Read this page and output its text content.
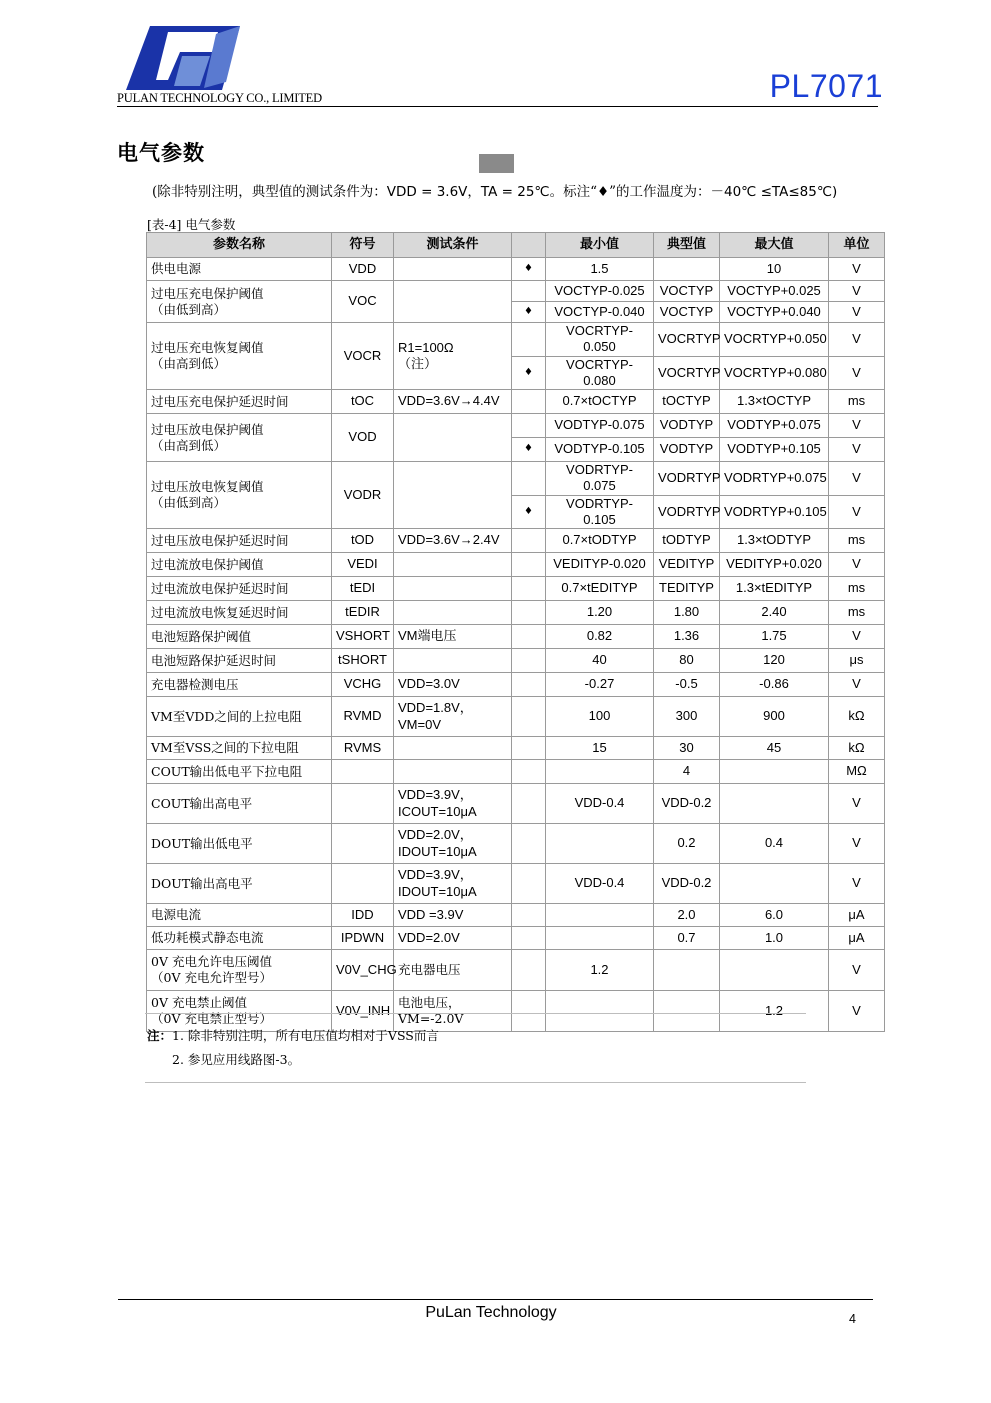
PULAN TECHNOLOGY CO., LIMITED	PL7071
电气参数
(除非特别注明，典型值的测试条件为：VDD = 3.6V，TA = 25℃。标注“♦”的工作温度为：－40℃ ≤TA≤85℃)
[表-4] 电气参数
参数名称	符号	测试条件		最小值	典型值	最大值	单位
供电电源	VDD		♦	1.5		10	V
过电压充电保护阈值
（由低到高）	VOC			VOCTYP-0.025	VOCTYP	VOCTYP+0.025	V
			♦	VOCTYP-0.040	VOCTYP	VOCTYP+0.040	V
过电压充电恢复阈值
（由高到低）	VOCR	R1=100Ω
（注）		VOCRTYP-0.050	VOCRTYP	VOCRTYP+0.050	V
			♦	VOCRTYP-0.080	VOCRTYP	VOCRTYP+0.080	V
过电压充电保护延迟时间	tOC	VDD=3.6V→4.4V		0.7×tOCTYP	tOCTYP	1.3×tOCTYP	ms
过电压放电保护阈值
（由高到低）	VOD			VODTYP-0.075	VODTYP	VODTYP+0.075	V
			♦	VODTYP-0.105	VODTYP	VODTYP+0.105	V
过电压放电恢复阈值
（由低到高）	VODR			VODRTYP-0.075	VODRTYP	VODRTYP+0.075	V
			♦	VODRTYP-0.105	VODRTYP	VODRTYP+0.105	V
过电压放电保护延迟时间	tOD	VDD=3.6V→2.4V		0.7×tODTYP	tODTYP	1.3×tODTYP	ms
过电流放电保护阈值	VEDI			VEDITYP-0.020	VEDITYP	VEDITYP+0.020	V
过电流放电保护延迟时间	tEDI			0.7×tEDITYP	TEDITYP	1.3×tEDITYP	ms
过电流放电恢复延迟时间	tEDIR			1.20	1.80	2.40	ms
电池短路保护阈值	VSHORT	VM端电压		0.82	1.36	1.75	V
电池短路保护延迟时间	tSHORT			40	80	120	μs
充电器检测电压	VCHG	VDD=3.0V		-0.27	-0.5	-0.86	V
VM至VDD之间的上拉电阻	RVMD	VDD=1.8V，
VM=0V		100	300	900	kΩ
VM至VSS之间的下拉电阻	RVMS			15	30	45	kΩ
COUT输出低电平下拉电阻					4		MΩ
COUT输出高电平		VDD=3.9V，
ICOUT=10μA		VDD-0.4	VDD-0.2		V
DOUT输出低电平		VDD=2.0V，
IDOUT=10μA			0.2	0.4	V
DOUT输出高电平		VDD=3.9V，
IDOUT=10μA		VDD-0.4	VDD-0.2		V
电源电流	IDD	VDD =3.9V			2.0	6.0	μA
低功耗模式静态电流	IPDWN	VDD=2.0V			0.7	1.0	μA
0V 充电允许电压阈值
（0V 充电允许型号）	V0V_CHG	充电器电压		1.2			V
0V 充电禁止阈值
（0V 充电禁止型号）	V0V_INH	电池电压，
VM=-2.0V				1.2	V
注：1. 除非特别注明，所有电压值均相对于VSS而言
2. 参见应用线路图-3。
PuLan Technology	4
